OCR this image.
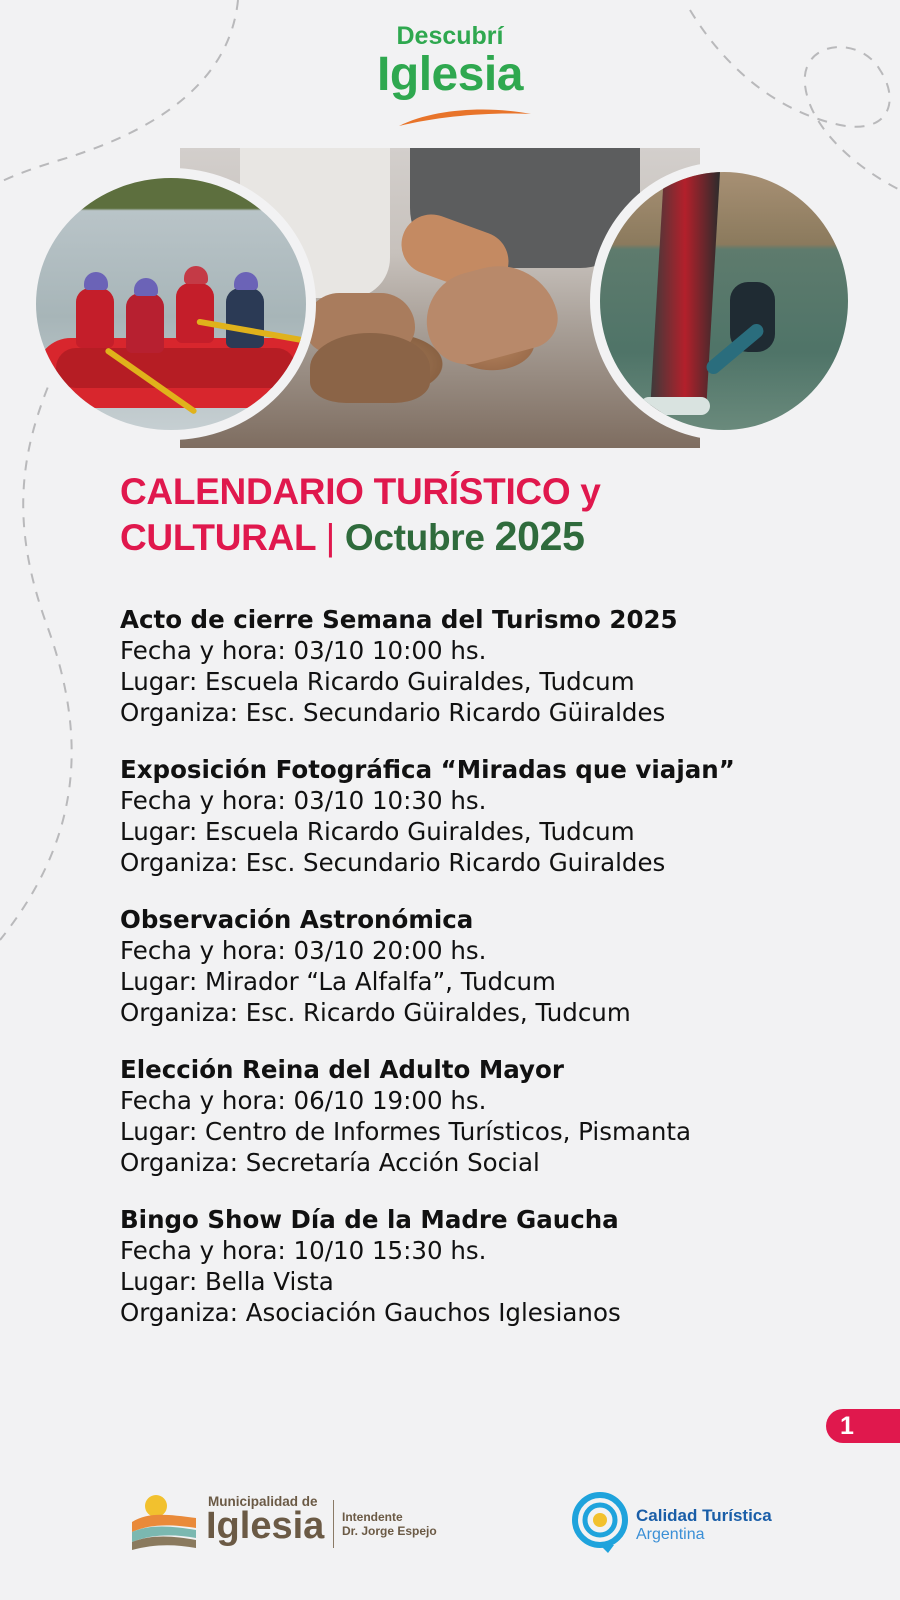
Descubrí
Iglesia
CALENDARIO TURÍSTICO y
CULTURAL | Octubre 2025
Acto de cierre Semana del Turismo 2025
Fecha y hora: 03/10 10:00 hs.
Lugar: Escuela Ricardo Guiraldes, Tudcum
Organiza: Esc. Secundario Ricardo Güiraldes
Exposición Fotográfica “Miradas que viajan”
Fecha y hora: 03/10 10:30 hs.
Lugar: Escuela Ricardo Guiraldes, Tudcum
Organiza: Esc. Secundario Ricardo Guiraldes
Observación Astronómica
Fecha y hora: 03/10 20:00 hs.
Lugar: Mirador “La Alfalfa”, Tudcum
Organiza: Esc. Ricardo Güiraldes, Tudcum
Elección Reina del Adulto Mayor
Fecha y hora: 06/10 19:00 hs.
Lugar: Centro de Informes Turísticos, Pismanta
Organiza: Secretaría Acción Social
Bingo Show Día de la Madre Gaucha
Fecha y hora: 10/10 15:30 hs.
Lugar: Bella Vista
Organiza: Asociación Gauchos Iglesianos
1
Municipalidad de
Iglesia Intendente
Dr. Jorge Espejo
Calidad Turística
Argentina
